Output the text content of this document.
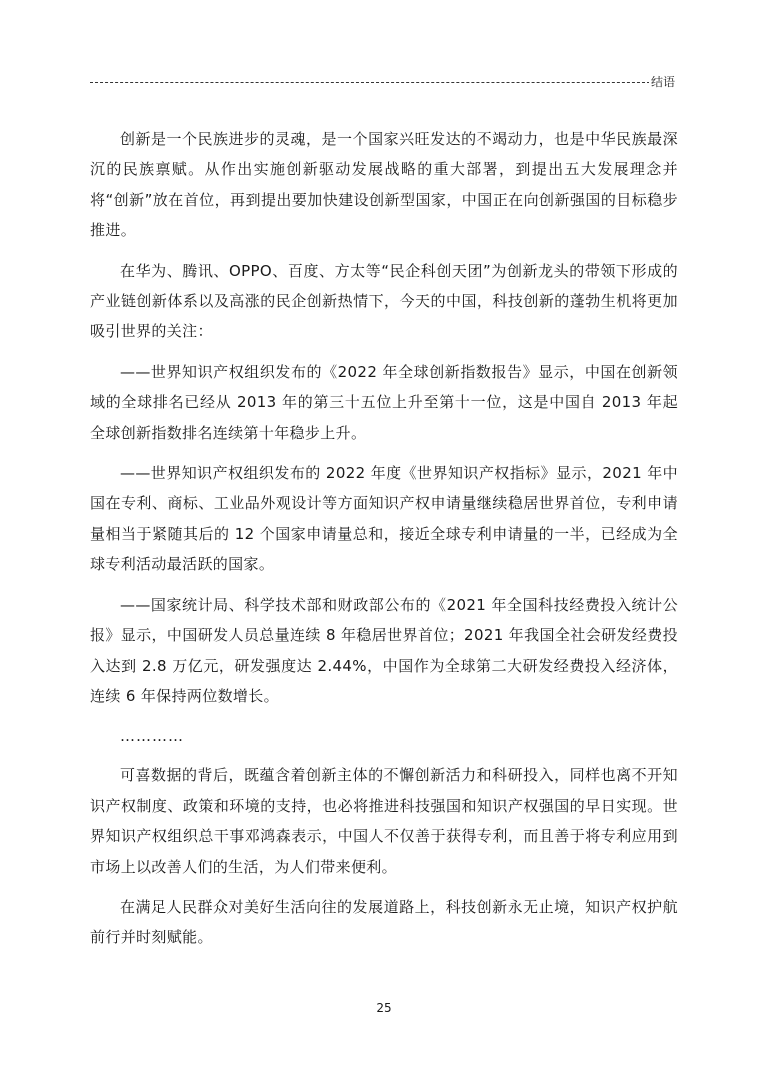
结语

创新是一个民族进步的灵魂，是一个国家兴旺发达的不竭动力，也是中华民族最深沉的民族禀赋。从作出实施创新驱动发展战略的重大部署，到提出五大发展理念并将“创新”放在首位，再到提出要加快建设创新型国家，中国正在向创新强国的目标稳步推进。

在华为、腾讯、OPPO、百度、方太等“民企科创天团”为创新龙头的带领下形成的产业链创新体系以及高涨的民企创新热情下，今天的中国，科技创新的蓬勃生机将更加吸引世界的关注：

——世界知识产权组织发布的《2022 年全球创新指数报告》显示，中国在创新领域的全球排名已经从 2013 年的第三十五位上升至第十一位，这是中国自 2013 年起全球创新指数排名连续第十年稳步上升。

——世界知识产权组织发布的 2022 年度《世界知识产权指标》显示，2021 年中国在专利、商标、工业品外观设计等方面知识产权申请量继续稳居世界首位，专利申请量相当于紧随其后的 12 个国家申请量总和，接近全球专利申请量的一半，已经成为全球专利活动最活跃的国家。

——国家统计局、科学技术部和财政部公布的《2021 年全国科技经费投入统计公报》显示，中国研发人员总量连续 8 年稳居世界首位；2021 年我国全社会研发经费投入达到 2.8 万亿元，研发强度达 2.44%，中国作为全球第二大研发经费投入经济体，连续 6 年保持两位数增长。

…………

可喜数据的背后，既蕴含着创新主体的不懈创新活力和科研投入，同样也离不开知识产权制度、政策和环境的支持，也必将推进科技强国和知识产权强国的早日实现。世界知识产权组织总干事邓鸿森表示，中国人不仅善于获得专利，而且善于将专利应用到市场上以改善人们的生活，为人们带来便利。

在满足人民群众对美好生活向往的发展道路上，科技创新永无止境，知识产权护航前行并时刻赋能。

25
